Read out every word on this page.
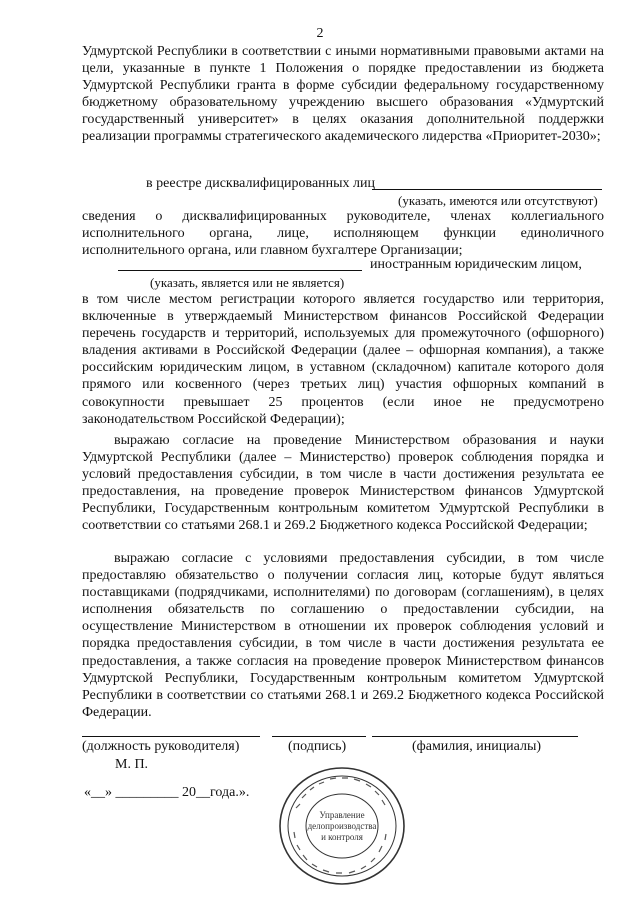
2

Удмуртской Республики в соответствии с иными нормативными правовыми актами на цели, указанные в пункте 1 Положения о порядке предоставлении из бюджета Удмуртской Республики гранта в форме субсидии федеральному государственному бюджетному образовательному учреждению высшего образования «Удмуртский государственный университет» в целях оказания дополнительной поддержки реализации программы стратегического академического лидерства «Приоритет-2030»;

в реестре дисквалифицированных лиц
(указать, имеются или отсутствуют)

сведения о дисквалифицированных руководителе, членах коллегиального исполнительного органа, лице, исполняющем функции единоличного исполнительного органа, или главном бухгалтере Организации;

иностранным юридическим лицом,
(указать, является или не является)

в том числе местом регистрации которого является государство или территория, включенные в утверждаемый Министерством финансов Российской Федерации перечень государств и территорий, используемых для промежуточного (офшорного) владения активами в Российской Федерации (далее – офшорная компания), а также российским юридическим лицом, в уставном (складочном) капитале которого доля прямого или косвенного (через третьих лиц) участия офшорных компаний в совокупности превышает 25 процентов (если иное не предусмотрено законодательством Российской Федерации);

выражаю согласие на проведение Министерством образования и науки Удмуртской Республики (далее – Министерство) проверок соблюдения порядка и условий предоставления субсидии, в том числе в части достижения результата ее предоставления, на проведение проверок Министерством финансов Удмуртской Республики, Государственным контрольным комитетом Удмуртской Республики в соответствии со статьями 268.1 и 269.2 Бюджетного кодекса Российской Федерации;

выражаю согласие с условиями предоставления субсидии, в том числе предоставляю обязательство о получении согласия лиц, которые будут являться поставщиками (подрядчиками, исполнителями) по договорам (соглашениям), в целях исполнения обязательств по соглашению о предоставлении субсидии, на осуществление Министерством в отношении их проверок соблюдения условий и порядка предоставления субсидии, в том числе в части достижения результата ее предоставления, а также согласия на проведение проверок Министерством финансов Удмуртской Республики, Государственным контрольным комитетом Удмуртской Республики в соответствии со статьями 268.1 и 269.2 Бюджетного кодекса Российской Федерации.

(должность руководителя)	(подпись)	(фамилия, инициалы)
М. П.
«__» _________ 20__года.».
Управление
делопроизводства
и контроля
